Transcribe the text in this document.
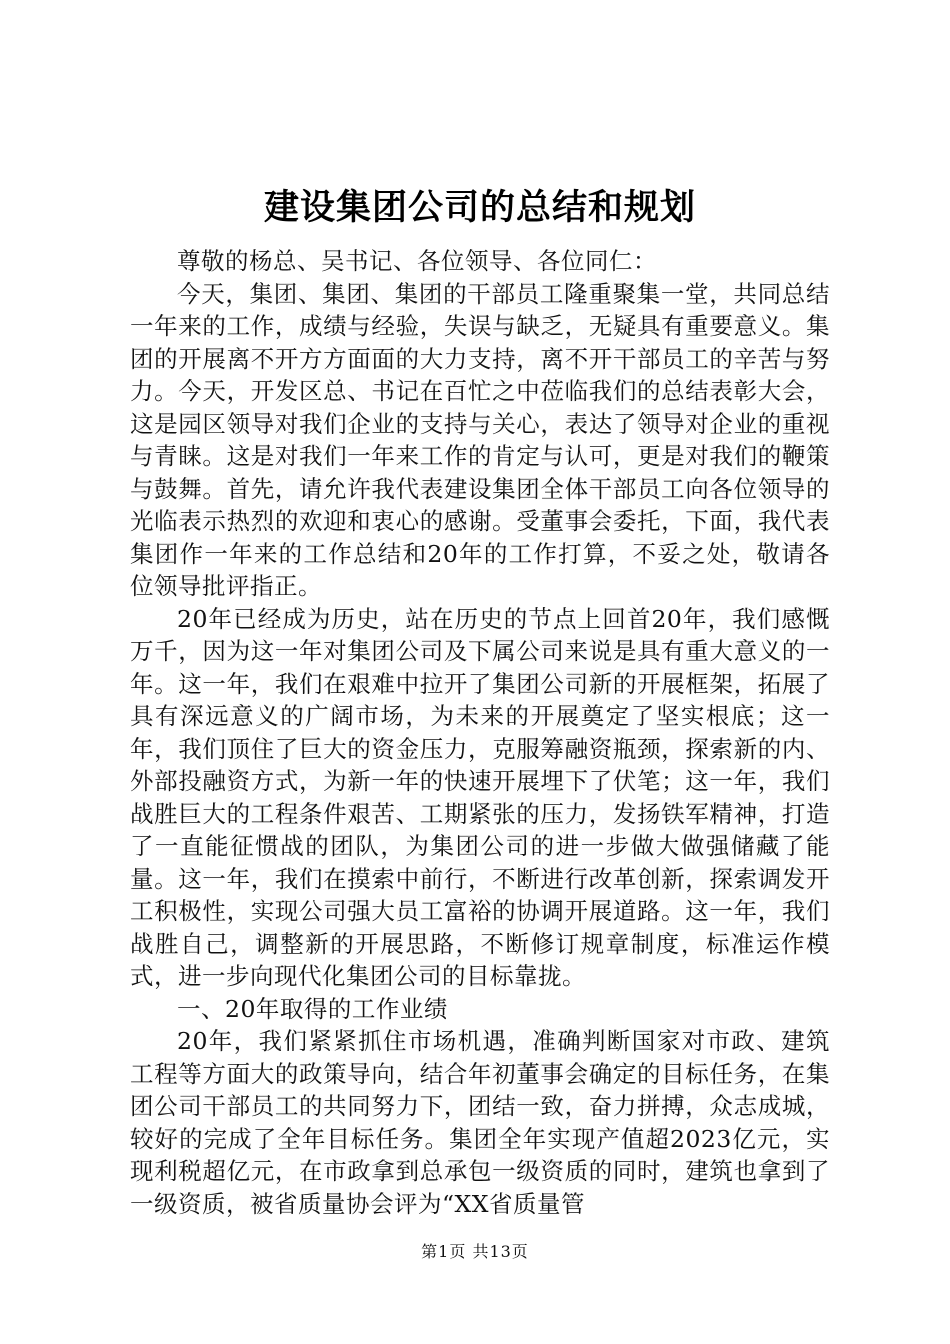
建设集团公司的总结和规划

尊敬的杨总、吴书记、各位领导、各位同仁：

今天，集团、集团、集团的干部员工隆重聚集一堂，共同总结一年来的工作，成绩与经验，失误与缺乏，无疑具有重要意义。集团的开展离不开方方面面的大力支持，离不开干部员工的辛苦与努力。今天，开发区总、书记在百忙之中莅临我们的总结表彰大会，这是园区领导对我们企业的支持与关心，表达了领导对企业的重视与青睐。这是对我们一年来工作的肯定与认可，更是对我们的鞭策与鼓舞。首先，请允许我代表建设集团全体干部员工向各位领导的光临表示热烈的欢迎和衷心的感谢。受董事会委托，下面，我代表集团作一年来的工作总结和20年的工作打算，不妥之处，敬请各位领导批评指正。

20年已经成为历史，站在历史的节点上回首20年，我们感慨万千，因为这一年对集团公司及下属公司来说是具有重大意义的一年。这一年，我们在艰难中拉开了集团公司新的开展框架，拓展了具有深远意义的广阔市场，为未来的开展奠定了坚实根底；这一年，我们顶住了巨大的资金压力，克服筹融资瓶颈，探索新的内、外部投融资方式，为新一年的快速开展埋下了伏笔；这一年，我们战胜巨大的工程条件艰苦、工期紧张的压力，发扬铁军精神，打造了一直能征惯战的团队，为集团公司的进一步做大做强储藏了能量。这一年，我们在摸索中前行，不断进行改革创新，探索调发开工积极性，实现公司强大员工富裕的协调开展道路。这一年，我们战胜自己，调整新的开展思路，不断修订规章制度，标准运作模式，进一步向现代化集团公司的目标靠拢。

一、20年取得的工作业绩

20年，我们紧紧抓住市场机遇，准确判断国家对市政、建筑工程等方面大的政策导向，结合年初董事会确定的目标任务，在集团公司干部员工的共同努力下，团结一致，奋力拼搏，众志成城，较好的完成了全年目标任务。集团全年实现产值超2023亿元，实现利税超亿元，在市政拿到总承包一级资质的同时，建筑也拿到了一级资质，被省质量协会评为“XX省质量管

第1页 共13页
